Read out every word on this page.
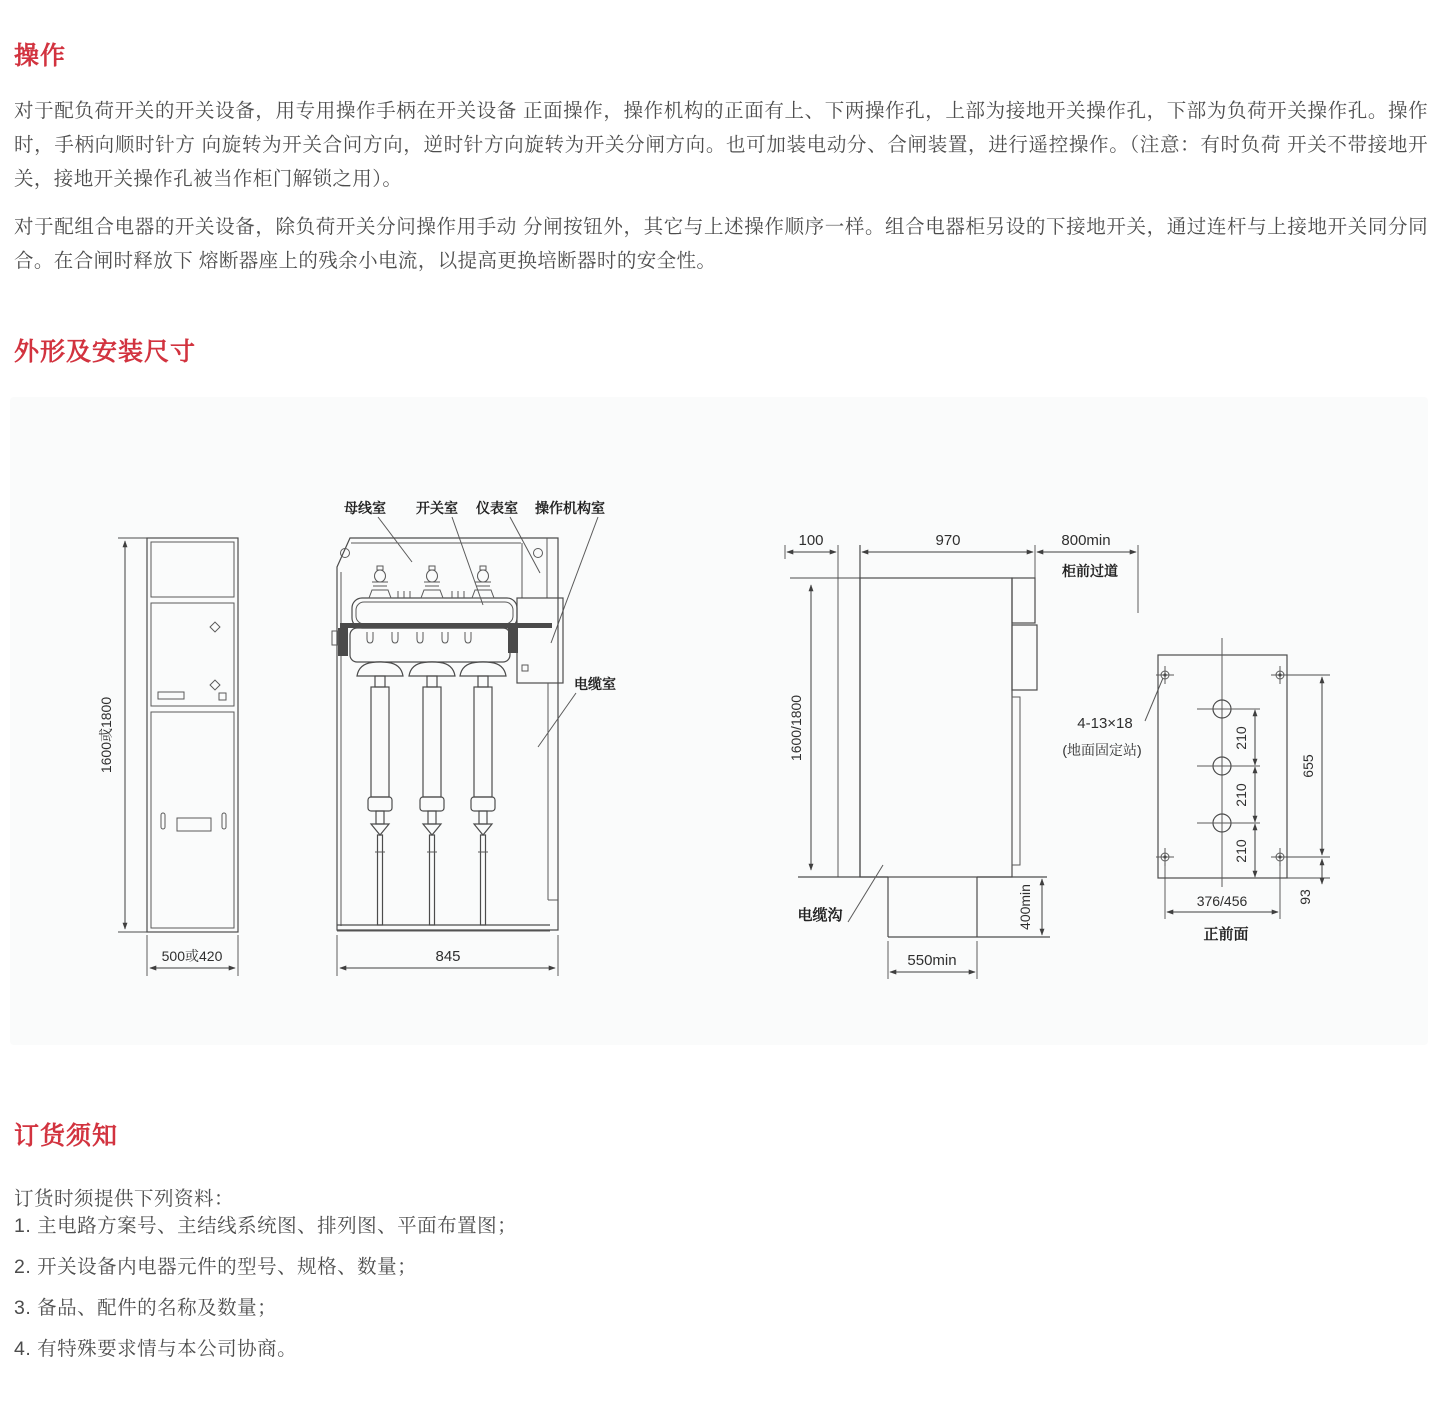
操作
对于配负荷开关的开关设备，用专用操作手柄在开关设备 正面操作，操作机构的正面有上、下两操作孔，上部为接地开关操作孔，下部为负荷开关操作孔。操作时，手柄向顺时针方 向旋转为开关合问方向，逆时针方向旋转为开关分闸方向。也可加装电动分、合闸装置，进行遥控操作。（注意：有时负荷 开关不带接地开关，接地开关操作孔被当作柜门解锁之用）。
对于配组合电器的开关设备，除负荷开关分问操作用手动 分闸按钮外，其它与上述操作顺序一样。组合电器柜另设的下接地开关，通过连杆与上接地开关同分同合。在合闸时释放下 熔断器座上的残余小电流，以提高更换培断器时的安全性。
外形及安装尺寸
1600或1800
500或420
母线室 开关室 仪表室 操作机构室
电缆室
845
100	970	800min
柜前过道
1600/1800
电缆沟	400min
550min
4-13×18
(地面固定站)
210
210
210
655
93
376/456
正前面
订货须知
订货时须提供下列资料：
1. 主电路方案号、主结线系统图、排列图、平面布置图；
2. 开关设备内电器元件的型号、规格、数量；
3. 备品、配件的名称及数量；
4. 有特殊要求情与本公司协商。
